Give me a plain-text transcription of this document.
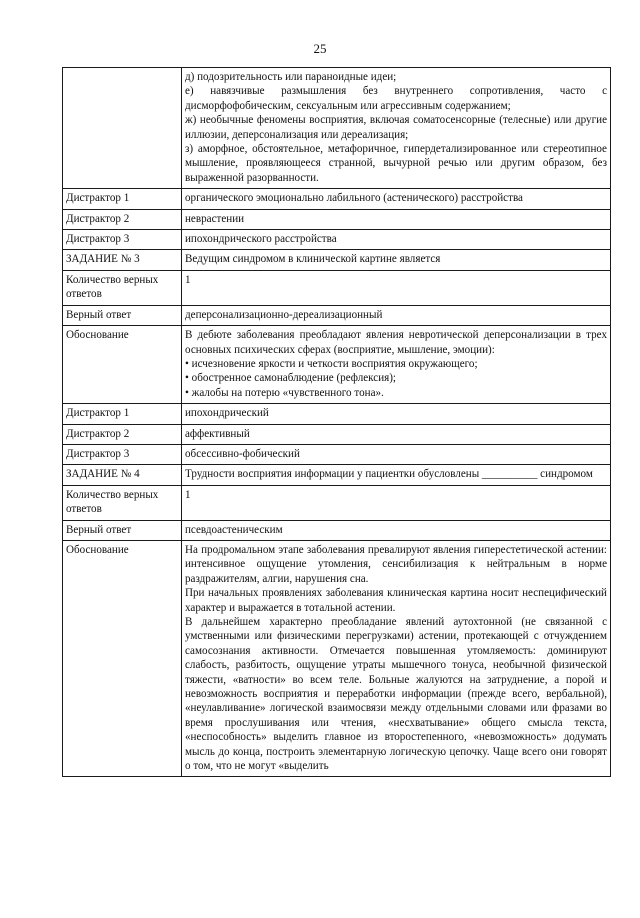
25

	д) подозрительность или параноидные идеи;
е) навязчивые размышления без внутреннего сопротивления, часто с дисморфофобическим, сексуальным или агрессивным содержанием;
ж) необычные феномены восприятия, включая соматосенсорные (телесные) или другие иллюзии, деперсонализация или дереализация;
з) аморфное, обстоятельное, метафоричное, гипердетализированное или стереотипное мышление, проявляющееся странной, вычурной речью или другим образом, без выраженной разорванности.

Дистрактор 1	органического эмоционально лабильного (астенического) расстройства
Дистрактор 2	неврастении
Дистрактор 3	ипохондрического расстройства
ЗАДАНИЕ № 3	Ведущим синдромом в клинической картине является
Количество верных ответов	1
Верный ответ	деперсонализационно-дереализационный
Обоснование	В дебюте заболевания преобладают явления невротической деперсонализации в трех основных психических сферах (восприятие, мышление, эмоции):
• исчезновение яркости и четкости восприятия окружающего;
• обостренное самонаблюдение (рефлексия);
• жалобы на потерю «чувственного тона».

Дистрактор 1	ипохондрический
Дистрактор 2	аффективный
Дистрактор 3	обсессивно-фобический
ЗАДАНИЕ № 4	Трудности восприятия информации у пациентки обусловлены __________ синдромом
Количество верных ответов	1
Верный ответ	псевдоастеническим
Обоснование	На продромальном этапе заболевания превалируют явления гиперестетической астении: интенсивное ощущение утомления, сенсибилизация к нейтральным в норме раздражителям, алгии, нарушения сна.
При начальных проявлениях заболевания клиническая картина носит неспецифический характер и выражается в тотальной астении.
В дальнейшем характерно преобладание явлений аутохтонной (не связанной с умственными или физическими перегрузками) астении, протекающей с отчуждением самосознания активности. Отмечается повышенная утомляемость: доминируют слабость, разбитость, ощущение утраты мышечного тонуса, необычной физической тяжести, «ватности» во всем теле. Больные жалуются на затруднение, а порой и невозможность восприятия и переработки информации (прежде всего, вербальной), «неулавливание» логической взаимосвязи между отдельными словами или фразами во время прослушивания или чтения, «несхватывание» общего смысла текста, «неспособность» выделить главное из второстепенного, «невозможность» додумать мысль до конца, построить элементарную логическую цепочку. Чаще всего они говорят о том, что не могут «выделить
